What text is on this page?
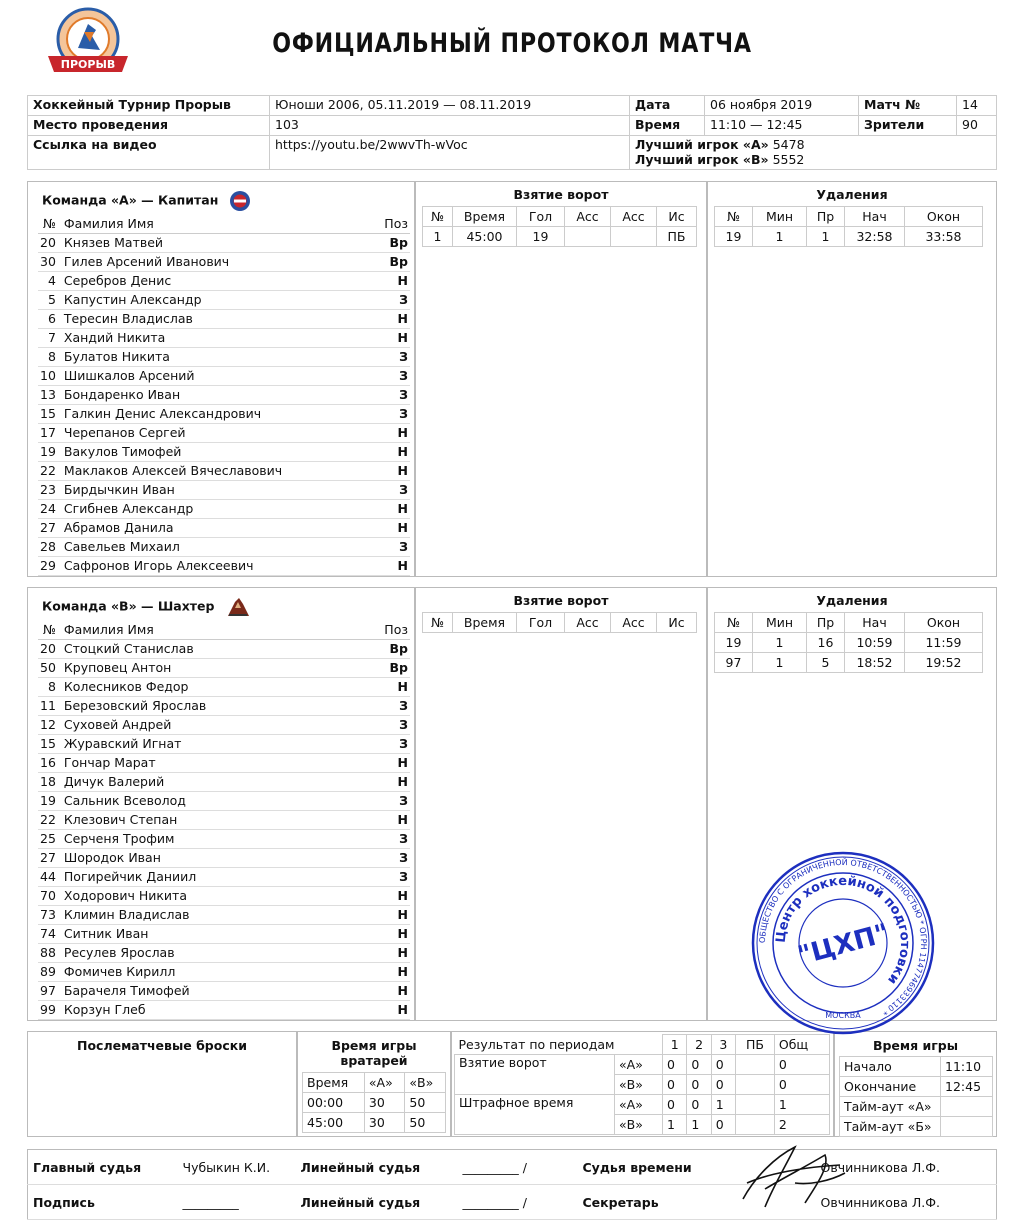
ПРОРЫВ
ОФИЦИАЛЬНЫЙ ПРОТОКОЛ МАТЧА
Хоккейный Турнир Прорыв	Юноши 2006, 05.11.2019 — 08.11.2019	Дата	06 ноября 2019	Матч №	14
Место проведения	103	Время	11:10 — 12:45	Зрители	90
Ссылка на видео	https://youtu.be/2wwvTh-wVoc	Лучший игрок «А» 5478
Лучший игрок «В» 5552			
Команда «А» — Капитан
№	Фамилия Имя	Поз
20	Князев Матвей	Вр
30	Гилев Арсений Иванович	Вр
4	Серебров Денис	Н
5	Капустин Александр	З
6	Тересин Владислав	Н
7	Хандий Никита	Н
8	Булатов Никита	З
10	Шишкалов Арсений	З
13	Бондаренко Иван	З
15	Галкин Денис Александрович	З
17	Черепанов Сергей	Н
19	Вакулов Тимофей	Н
22	Маклаков Алексей Вячеславович	Н
23	Бирдычкин Иван	З
24	Сгибнев Александр	Н
27	Абрамов Данила	Н
28	Савельев Михаил	З
29	Сафронов Игорь Алексеевич	Н
Взятие ворот
№	Время	Гол	Асс	Асс	Ис
1	45:00	19			ПБ
Удаления
№	Мин	Пр	Нач	Окон
19	1	1	32:58	33:58
Команда «В» — Шахтер
№	Фамилия Имя	Поз
20	Стоцкий Станислав	Вр
50	Круповец Антон	Вр
8	Колесников Федор	Н
11	Березовский Ярослав	З
12	Суховей Андрей	З
15	Журавский Игнат	З
16	Гончар Марат	Н
18	Дичук Валерий	Н
19	Сальник Всеволод	З
22	Клезович Степан	Н
25	Серченя Трофим	З
27	Шородок Иван	З
44	Погирейчик Даниил	З
70	Ходорович Никита	Н
73	Климин Владислав	Н
74	Ситник Иван	Н
88	Ресулев Ярослав	Н
89	Фомичев Кирилл	Н
97	Барачеля Тимофей	Н
99	Корзун Глеб	Н
Взятие ворот
№	Время	Гол	Асс	Асс	Ис
Удаления
№	Мин	Пр	Нач	Окон
19	1	16	10:59	11:59
97	1	5	18:52	19:52
Послематчевые броски	Время игры вратарей
Время	«А»	«В»
00:00	30	50
45:00	30	50
Результат по периодам		1	2	3	ПБ	Общ
Взятие ворот	«А»	0	0	0		0
	«В»	0	0	0		0
Штрафное время	«А»	0	0	1		1
	«В»	1	1	0		2
Время игры
Начало	11:10
Окончание	12:45
Тайм-аут «А»	
Тайм-аут «Б»	
Главный судья	Чубыкин К.И.	Линейный судья	_________ /	Судья времени	Овчинникова Л.Ф.
Подпись	_________	Линейный судья	_________ /	Секретарь	Овчинникова Л.Ф.
ОБЩЕСТВО С ОГРАНИЧЕННОЙ ОТВЕТСТВЕННОСТЬЮ * ОГРН 1147746933110 *
Центр хоккейной подготовки
"ЦХП"
МОСКВА
